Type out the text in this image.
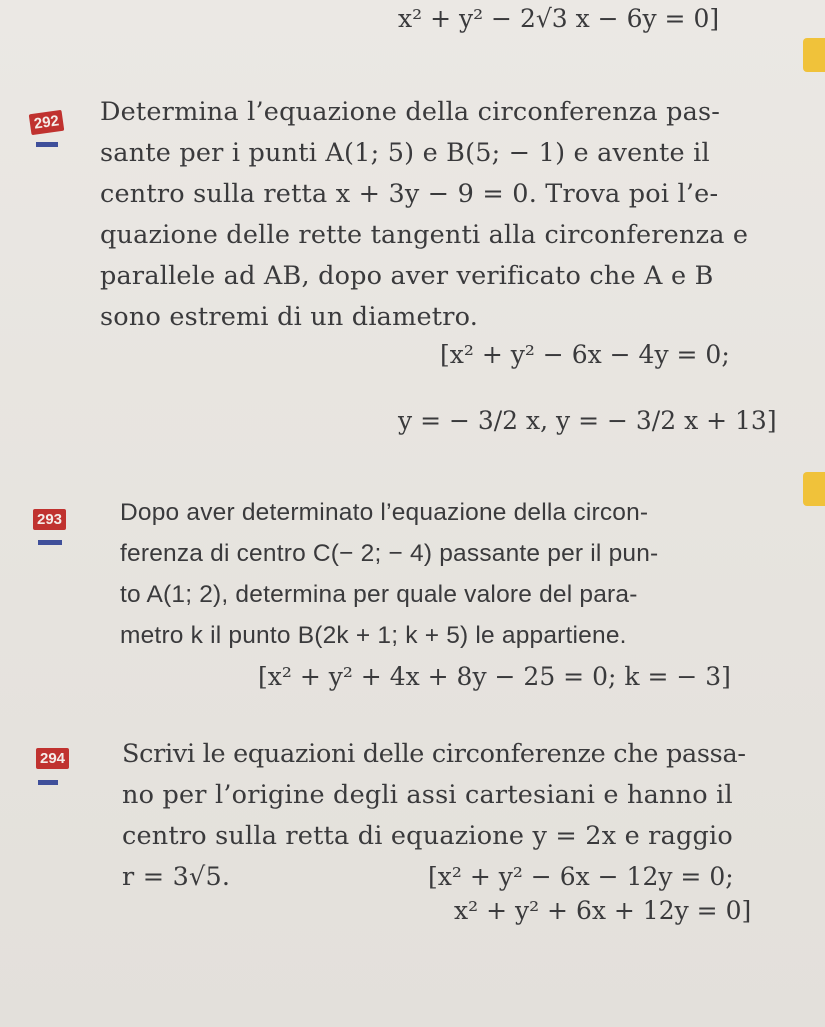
x² + y² − 2√3 x − 6y = 0]
292 Determina l’equazione della circonferenza pas-
sante per i punti A(1; 5) e B(5; − 1) e avente il
centro sulla retta x + 3y − 9 = 0. Trova poi l’e-
quazione delle rette tangenti alla circonferenza e
parallele ad AB, dopo aver verificato che A e B
sono estremi di un diametro.
[x² + y² − 6x − 4y = 0;
y = − 3/2 x, y = − 3/2 x + 13]
293 Dopo aver determinato l’equazione della circon-
ferenza di centro C(− 2; − 4) passante per il pun-
to A(1; 2), determina per quale valore del para-
metro k il punto B(2k + 1; k + 5) le appartiene.
[x² + y² + 4x + 8y − 25 = 0; k = − 3]
294 Scrivi le equazioni delle circonferenze che passa-
no per l’origine degli assi cartesiani e hanno il
centro sulla retta di equazione y = 2x e raggio
r = 3√5.	[x² + y² − 6x − 12y = 0;
x² + y² + 6x + 12y = 0]
